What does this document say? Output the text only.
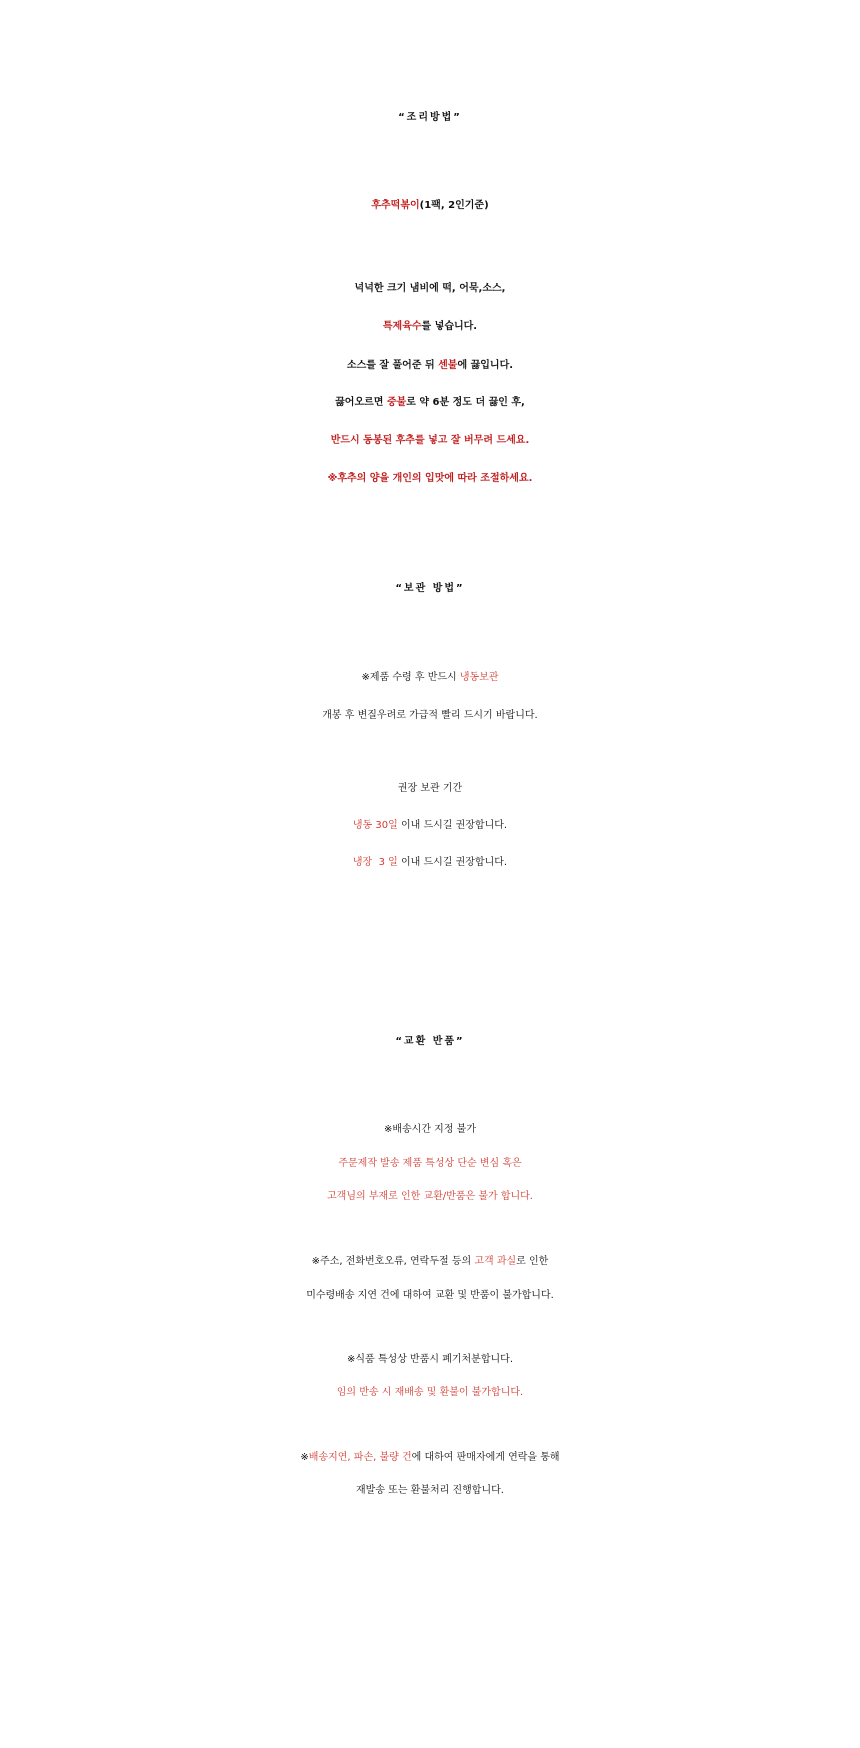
“조리방법”
후추떡볶이(1팩, 2인기준)
넉넉한 크기 냄비에 떡, 어묵,소스,
특제육수를 넣습니다.
소스를 잘 풀어준 뒤 센불에 끓입니다.
끓어오르면 중불로 약 6분 정도 더 끓인 후,
반드시 동봉된 후추를 넣고 잘 버무려 드세요.
※후추의 양을 개인의 입맛에 따라 조절하세요.
“보관 방법”
※제품 수령 후 반드시 냉동보관
개봉 후 변질우려로 가급적 빨리 드시기 바랍니다.
권장 보관 기간
냉동 30일 이내 드시길 권장합니다.
냉장  3 일 이내 드시길 권장합니다.
“교환 반품”
※배송시간 지정 불가
주문제작 발송 제품 특성상 단순 변심 혹은
고객님의 부재로 인한 교환/반품은 불가 합니다.
※주소, 전화번호오류, 연락두절 등의 고객 과실로 인한
미수령배송 지연 건에 대하여 교환 및 반품이 불가합니다.
※식품 특성상 반품시 폐기처분합니다.
임의 반송 시 재배송 및 환불이 불가합니다.
※배송지연, 파손, 불량 건에 대하여 판매자에게 연락을 통해
재발송 또는 환불처리 진행합니다.
